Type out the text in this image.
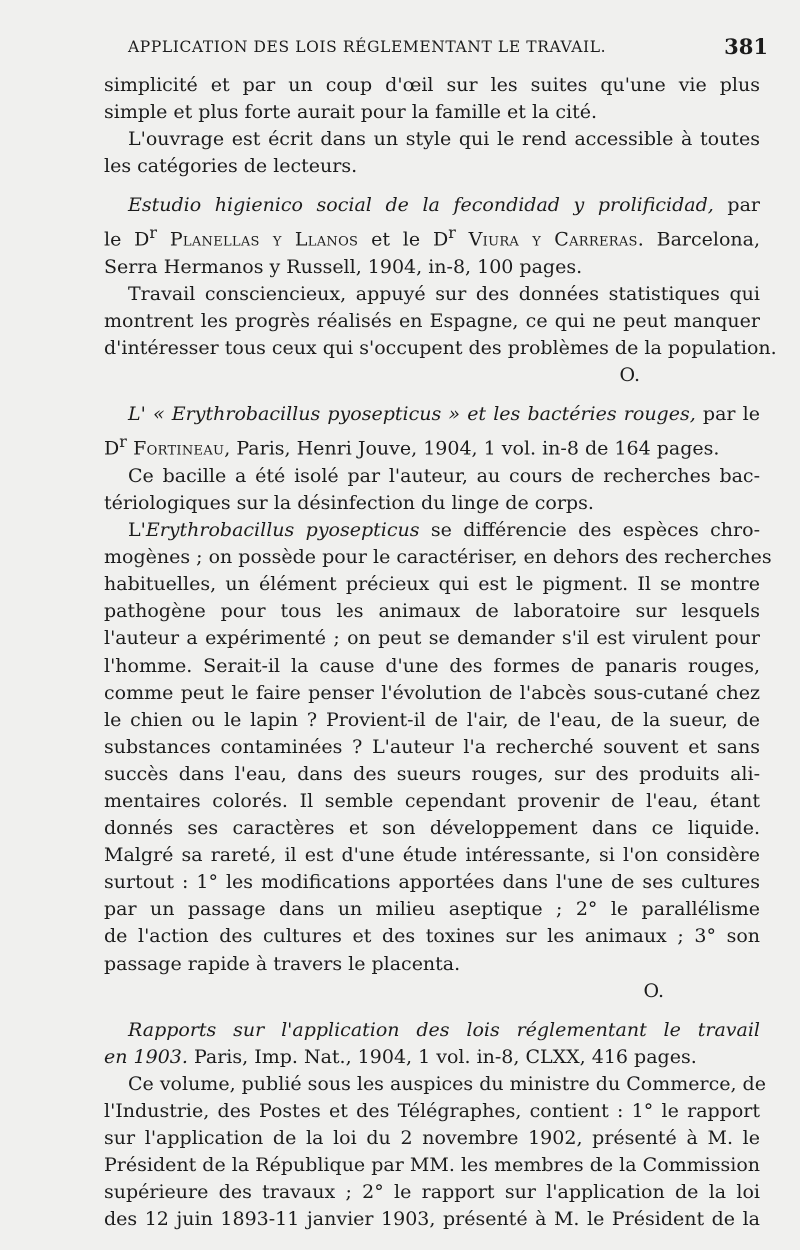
APPLICATION DES LOIS RÉGLEMENTANT LE TRAVAIL.	381

simplicité et par un coup d'œil sur les suites qu'une vie plus
simple et plus forte aurait pour la famille et la cité.

L'ouvrage est écrit dans un style qui le rend accessible à toutes
les catégories de lecteurs.

Estudio higienico social de la fecondidad y prolificidad, par
le $D^r$ Planellas y Llanos et le $D^r$ Viura y Carreras. Barcelona,
Serra Hermanos y Russell, 1904, in-8, 100 pages.

Travail consciencieux, appuyé sur des données statistiques qui
montrent les progrès réalisés en Espagne, ce qui ne peut manquer
d'intéresser tous ceux qui s'occupent des problèmes de la population.

O.

L' « Erythrobacillus pyosepticus » et les bactéries rouges, par le
$D^r$ Fortineau, Paris, Henri Jouve, 1904, 1 vol. in-8 de 164 pages.

Ce bacille a été isolé par l'auteur, au cours de recherches bac-
tériologiques sur la désinfection du linge de corps.

L'Erythrobacillus pyosepticus se différencie des espèces chro-
mogènes ; on possède pour le caractériser, en dehors des recherches
habituelles, un élément précieux qui est le pigment. Il se montre
pathogène pour tous les animaux de laboratoire sur lesquels
l'auteur a expérimenté ; on peut se demander s'il est virulent pour
l'homme. Serait-il la cause d'une des formes de panaris rouges,
comme peut le faire penser l'évolution de l'abcès sous-cutané chez
le chien ou le lapin ? Provient-il de l'air, de l'eau, de la sueur, de
substances contaminées ? L'auteur l'a recherché souvent et sans
succès dans l'eau, dans des sueurs rouges, sur des produits ali-
mentaires colorés. Il semble cependant provenir de l'eau, étant
donnés ses caractères et son développement dans ce liquide.
Malgré sa rareté, il est d'une étude intéressante, si l'on considère
surtout : 1° les modifications apportées dans l'une de ses cultures
par un passage dans un milieu aseptique ; 2° le parallélisme
de l'action des cultures et des toxines sur les animaux ; 3° son
passage rapide à travers le placenta.

O.

Rapports sur l'application des lois réglementant le travail
en 1903. Paris, Imp. Nat., 1904, 1 vol. in-8, CLXX, 416 pages.

Ce volume, publié sous les auspices du ministre du Commerce, de
l'Industrie, des Postes et des Télégraphes, contient : 1° le rapport
sur l'application de la loi du 2 novembre 1902, présenté à M. le
Président de la République par MM. les membres de la Commission
supérieure des travaux ; 2° le rapport sur l'application de la loi
des 12 juin 1893-11 janvier 1903, présenté à M. le Président de la
